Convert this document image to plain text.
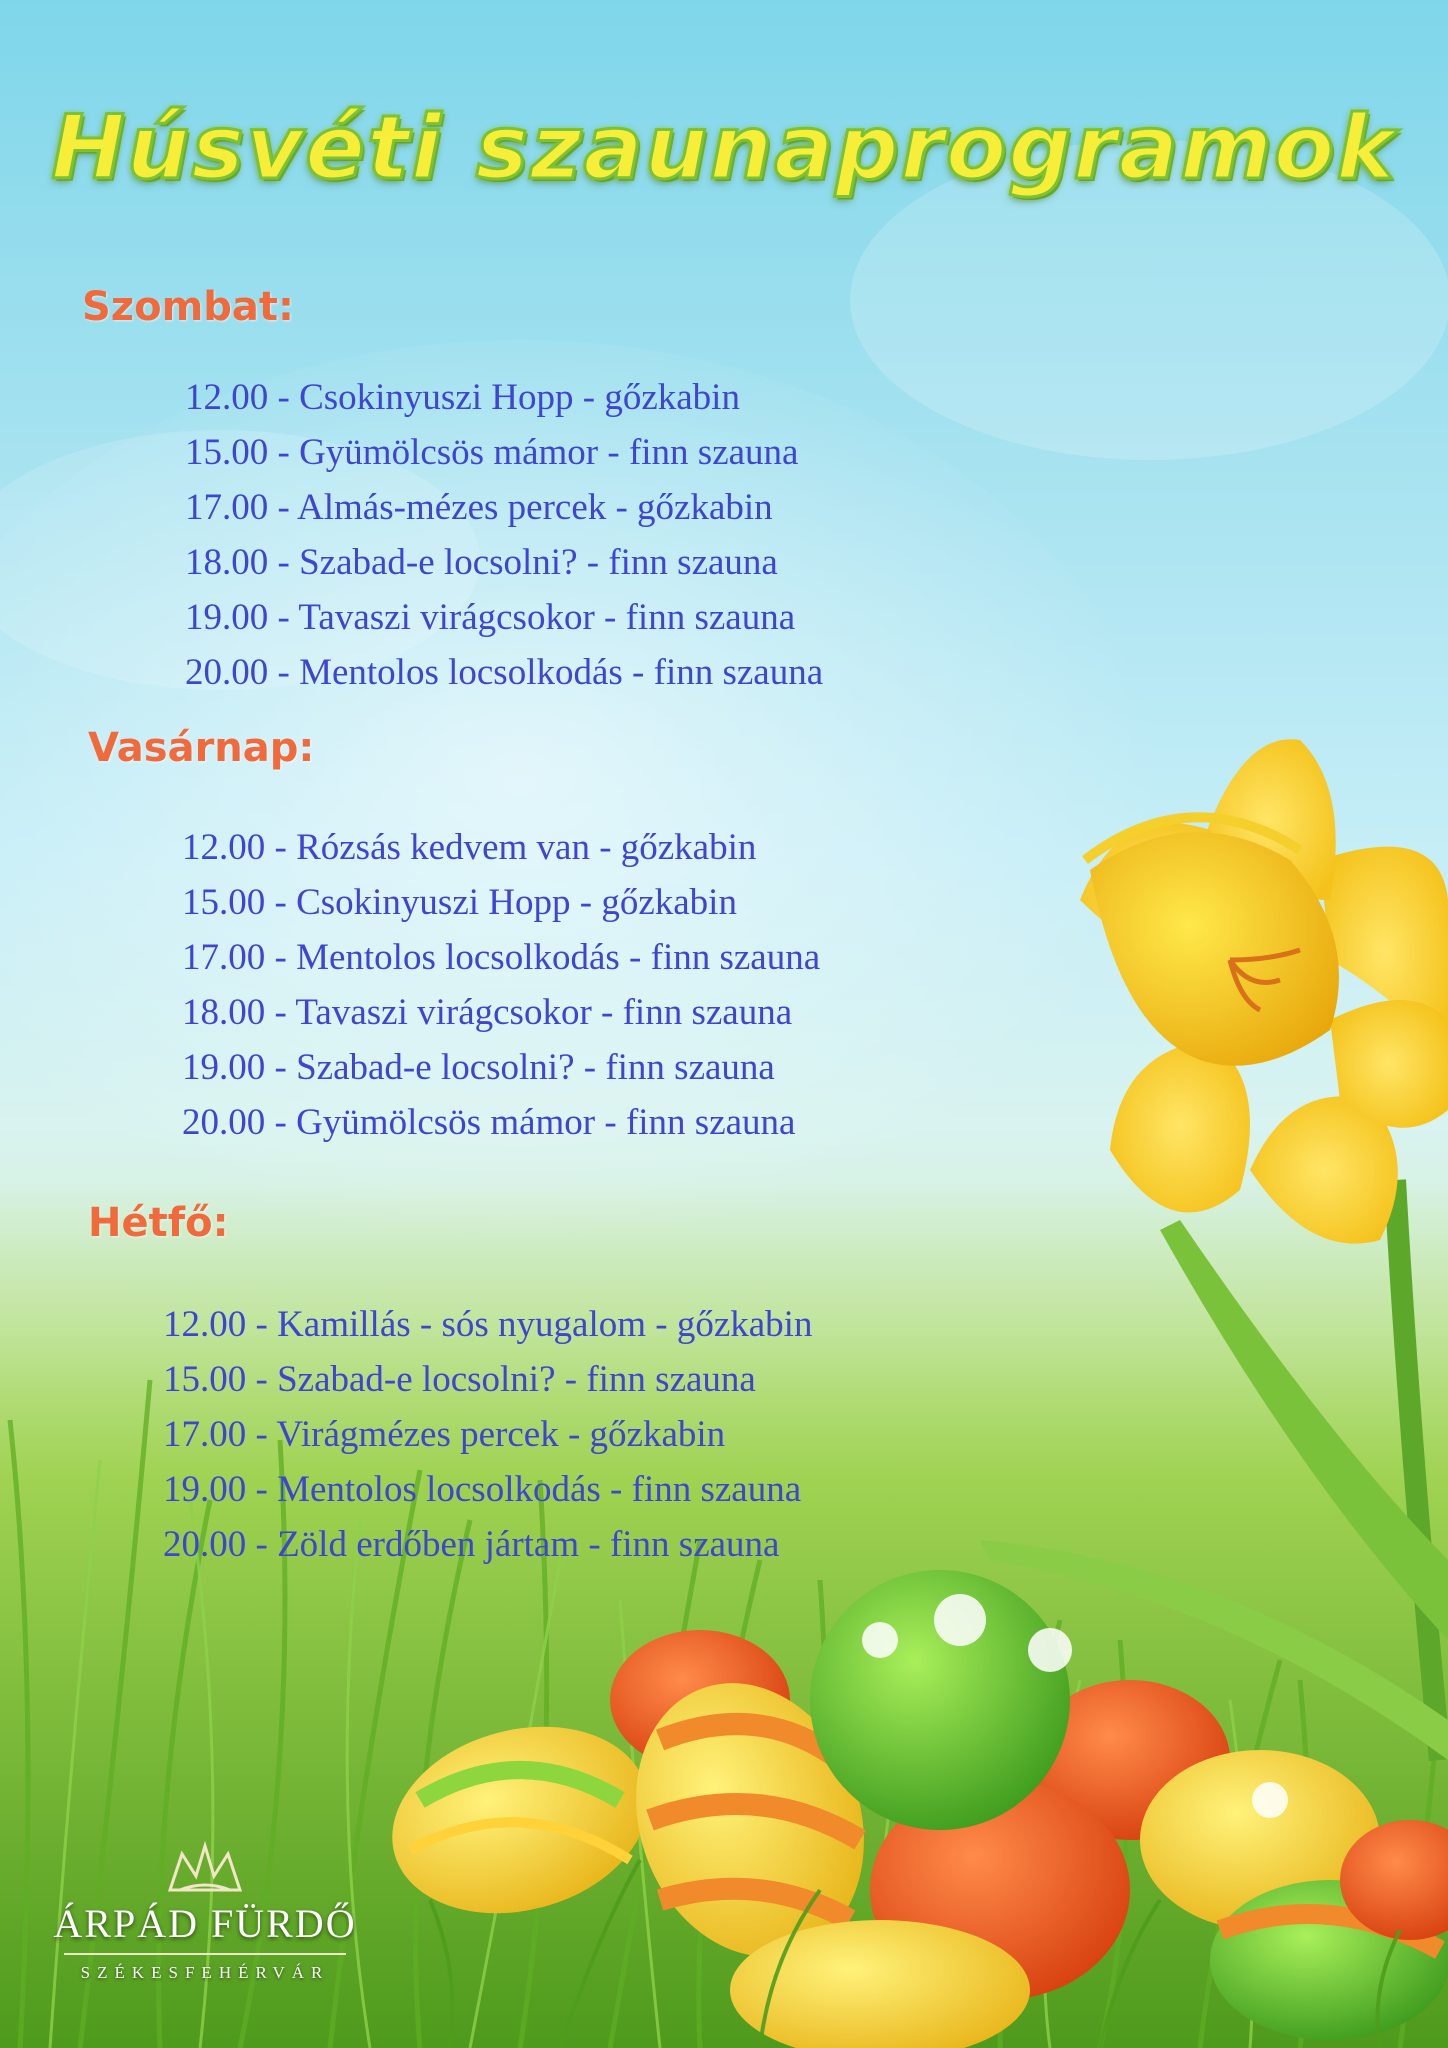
Húsvéti szaunaprogramok
Szombat:
12.00 - Csokinyuszi Hopp - gőzkabin
15.00 - Gyümölcsös mámor - finn szauna
17.00 - Almás-mézes percek - gőzkabin
18.00 - Szabad-e locsolni? - finn szauna
19.00 - Tavaszi virágcsokor - finn szauna
20.00 - Mentolos locsolkodás - finn szauna
Vasárnap:
12.00 - Rózsás kedvem van - gőzkabin
15.00 - Csokinyuszi Hopp - gőzkabin
17.00 - Mentolos locsolkodás - finn szauna
18.00 - Tavaszi virágcsokor - finn szauna
19.00 - Szabad-e locsolni? - finn szauna
20.00 - Gyümölcsös mámor - finn szauna
Hétfő:
12.00 - Kamillás - sós nyugalom - gőzkabin
15.00 - Szabad-e locsolni? - finn szauna
17.00 - Virágmézes percek - gőzkabin
19.00 - Mentolos locsolkodás - finn szauna
20.00 - Zöld erdőben jártam - finn szauna
ÁRPÁD FÜRDŐ
SZÉKESFEHÉRVÁR
